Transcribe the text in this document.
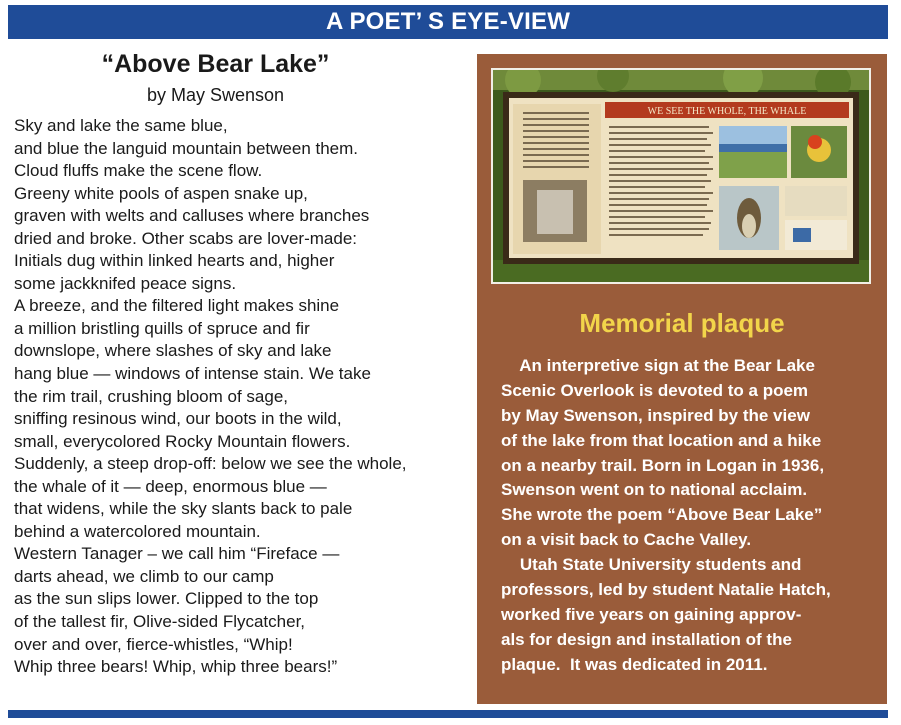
A POET’ S EYE-VIEW
“Above Bear Lake”
by May Swenson
Sky and lake the same blue,
and blue the languid mountain between them.
Cloud fluffs make the scene flow.
Greeny white pools of aspen snake up,
graven with welts and calluses where branches
dried and broke. Other scabs are lover-made:
Initials dug within linked hearts and, higher
some jackknifed peace signs.
A breeze, and the filtered light makes shine
a million bristling quills of spruce and fir
downslope, where slashes of sky and lake
hang blue — windows of intense stain. We take
the rim trail, crushing bloom of sage,
sniffing resinous wind, our boots in the wild,
small, everycolored Rocky Mountain flowers.
Suddenly, a steep drop-off: below we see the whole,
the whale of it — deep, enormous blue —
that widens, while the sky slants back to pale
behind a watercolored mountain.
Western Tanager – we call him “Fireface —
darts ahead, we climb to our camp
as the sun slips lower. Clipped to the top
of the tallest fir, Olive-sided Flycatcher,
over and over, fierce-whistles, “Whip!
Whip three bears! Whip, whip three bears!”
WE SEE THE WHOLE, THE WHALE
Memorial plaque
An interpretive sign at the Bear Lake
Scenic Overlook is devoted to a poem
by May Swenson, inspired by the view
of the lake from that location and a hike
on a nearby trail. Born in Logan in 1936,
Swenson went on to national acclaim.
She wrote the poem “Above Bear Lake”
on a visit back to Cache Valley.
Utah State University students and
professors, led by student Natalie Hatch,
worked five years on gaining approv-
als for design and installation of the
plaque.  It was dedicated in 2011.
